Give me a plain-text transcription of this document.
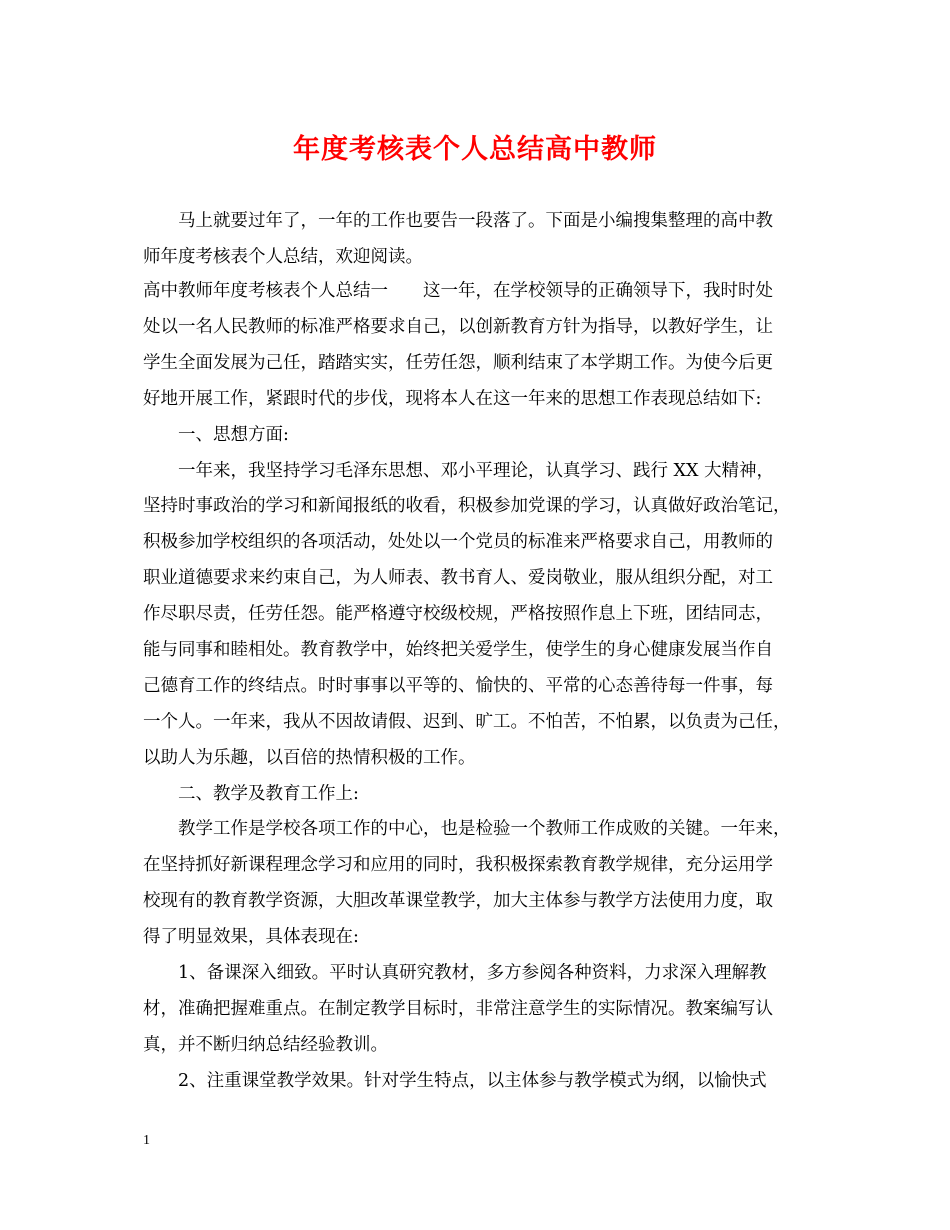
年度考核表个人总结高中教师
马上就要过年了，一年的工作也要告一段落了。下面是小编搜集整理的高中教
师年度考核表个人总结，欢迎阅读。
高中教师年度考核表个人总结一　　这一年，在学校领导的正确领导下，我时时处
处以一名人民教师的标准严格要求自己，以创新教育方针为指导，以教好学生，让
学生全面发展为己任，踏踏实实，任劳任怨，顺利结束了本学期工作。为使今后更
好地开展工作，紧跟时代的步伐，现将本人在这一年来的思想工作表现总结如下:
一、思想方面:
一年来，我坚持学习毛泽东思想、邓小平理论，认真学习、践行 XX 大精神，
坚持时事政治的学习和新闻报纸的收看，积极参加党课的学习，认真做好政治笔记，
积极参加学校组织的各项活动，处处以一个党员的标准来严格要求自己，用教师的
职业道德要求来约束自己，为人师表、教书育人、爱岗敬业，服从组织分配，对工
作尽职尽责，任劳任怨。能严格遵守校级校规，严格按照作息上下班，团结同志，
能与同事和睦相处。教育教学中，始终把关爱学生，使学生的身心健康发展当作自
己德育工作的终结点。时时事事以平等的、愉快的、平常的心态善待每一件事，每
一个人。一年来，我从不因故请假、迟到、旷工。不怕苦，不怕累，以负责为己任，
以助人为乐趣，以百倍的热情积极的工作。
二、教学及教育工作上:
教学工作是学校各项工作的中心，也是检验一个教师工作成败的关键。一年来，
在坚持抓好新课程理念学习和应用的同时，我积极探索教育教学规律，充分运用学
校现有的教育教学资源，大胆改革课堂教学，加大主体参与教学方法使用力度，取
得了明显效果，具体表现在:
1、备课深入细致。平时认真研究教材，多方参阅各种资料，力求深入理解教
材，准确把握难重点。在制定教学目标时，非常注意学生的实际情况。教案编写认
真，并不断归纳总结经验教训。
2、注重课堂教学效果。针对学生特点，以主体参与教学模式为纲，以愉快式
1
